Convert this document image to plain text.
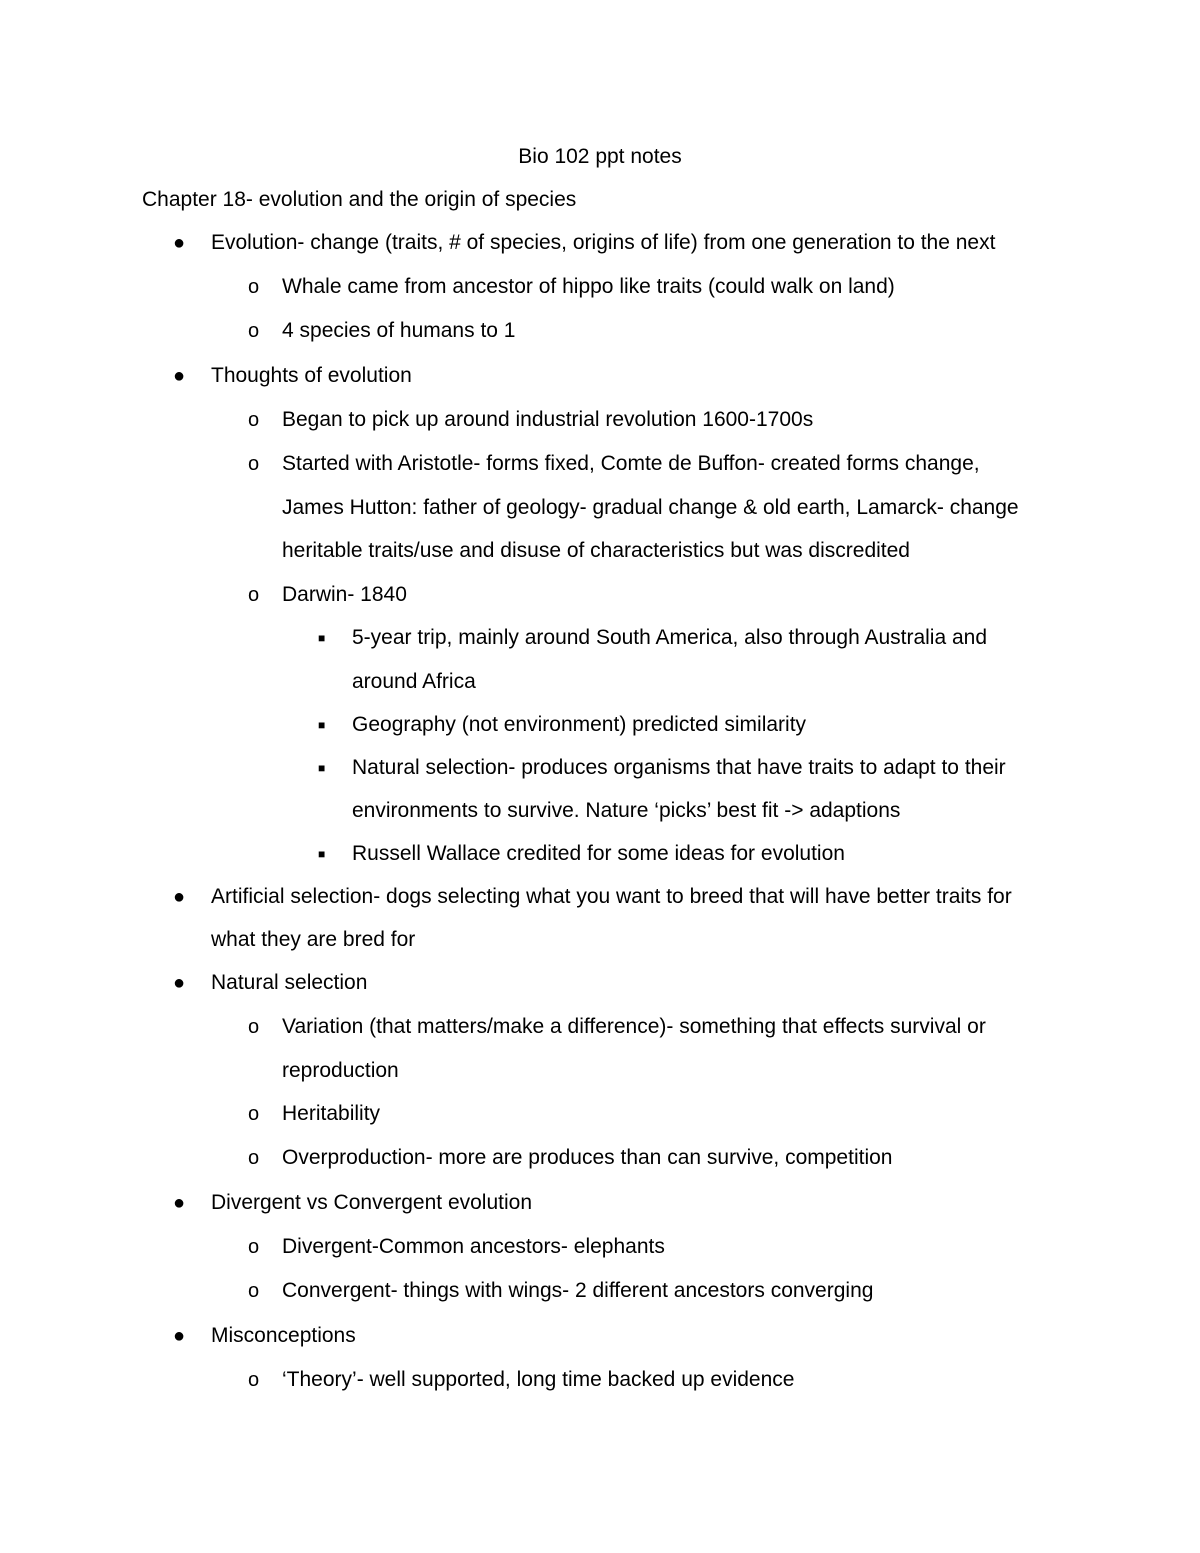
Bio 102 ppt notes
Chapter 18- evolution and the origin of species
● Evolution- change (traits, # of species, origins of life) from one generation to the next
o Whale came from ancestor of hippo like traits (could walk on land)
o 4 species of humans to 1
● Thoughts of evolution
o Began to pick up around industrial revolution 1600-1700s
o Started with Aristotle- forms fixed, Comte de Buffon- created forms change,
James Hutton: father of geology- gradual change & old earth, Lamarck- change
heritable traits/use and disuse of characteristics but was discredited
o Darwin- 1840
■ 5-year trip, mainly around South America, also through Australia and
around Africa
■ Geography (not environment) predicted similarity
■ Natural selection- produces organisms that have traits to adapt to their
environments to survive. Nature ‘picks’ best fit -> adaptions
■ Russell Wallace credited for some ideas for evolution
● Artificial selection- dogs selecting what you want to breed that will have better traits for
what they are bred for
● Natural selection
o Variation (that matters/make a difference)- something that effects survival or
reproduction
o Heritability
o Overproduction- more are produces than can survive, competition
● Divergent vs Convergent evolution
o Divergent-Common ancestors- elephants
o Convergent- things with wings- 2 different ancestors converging
● Misconceptions
o ‘Theory’- well supported, long time backed up evidence
